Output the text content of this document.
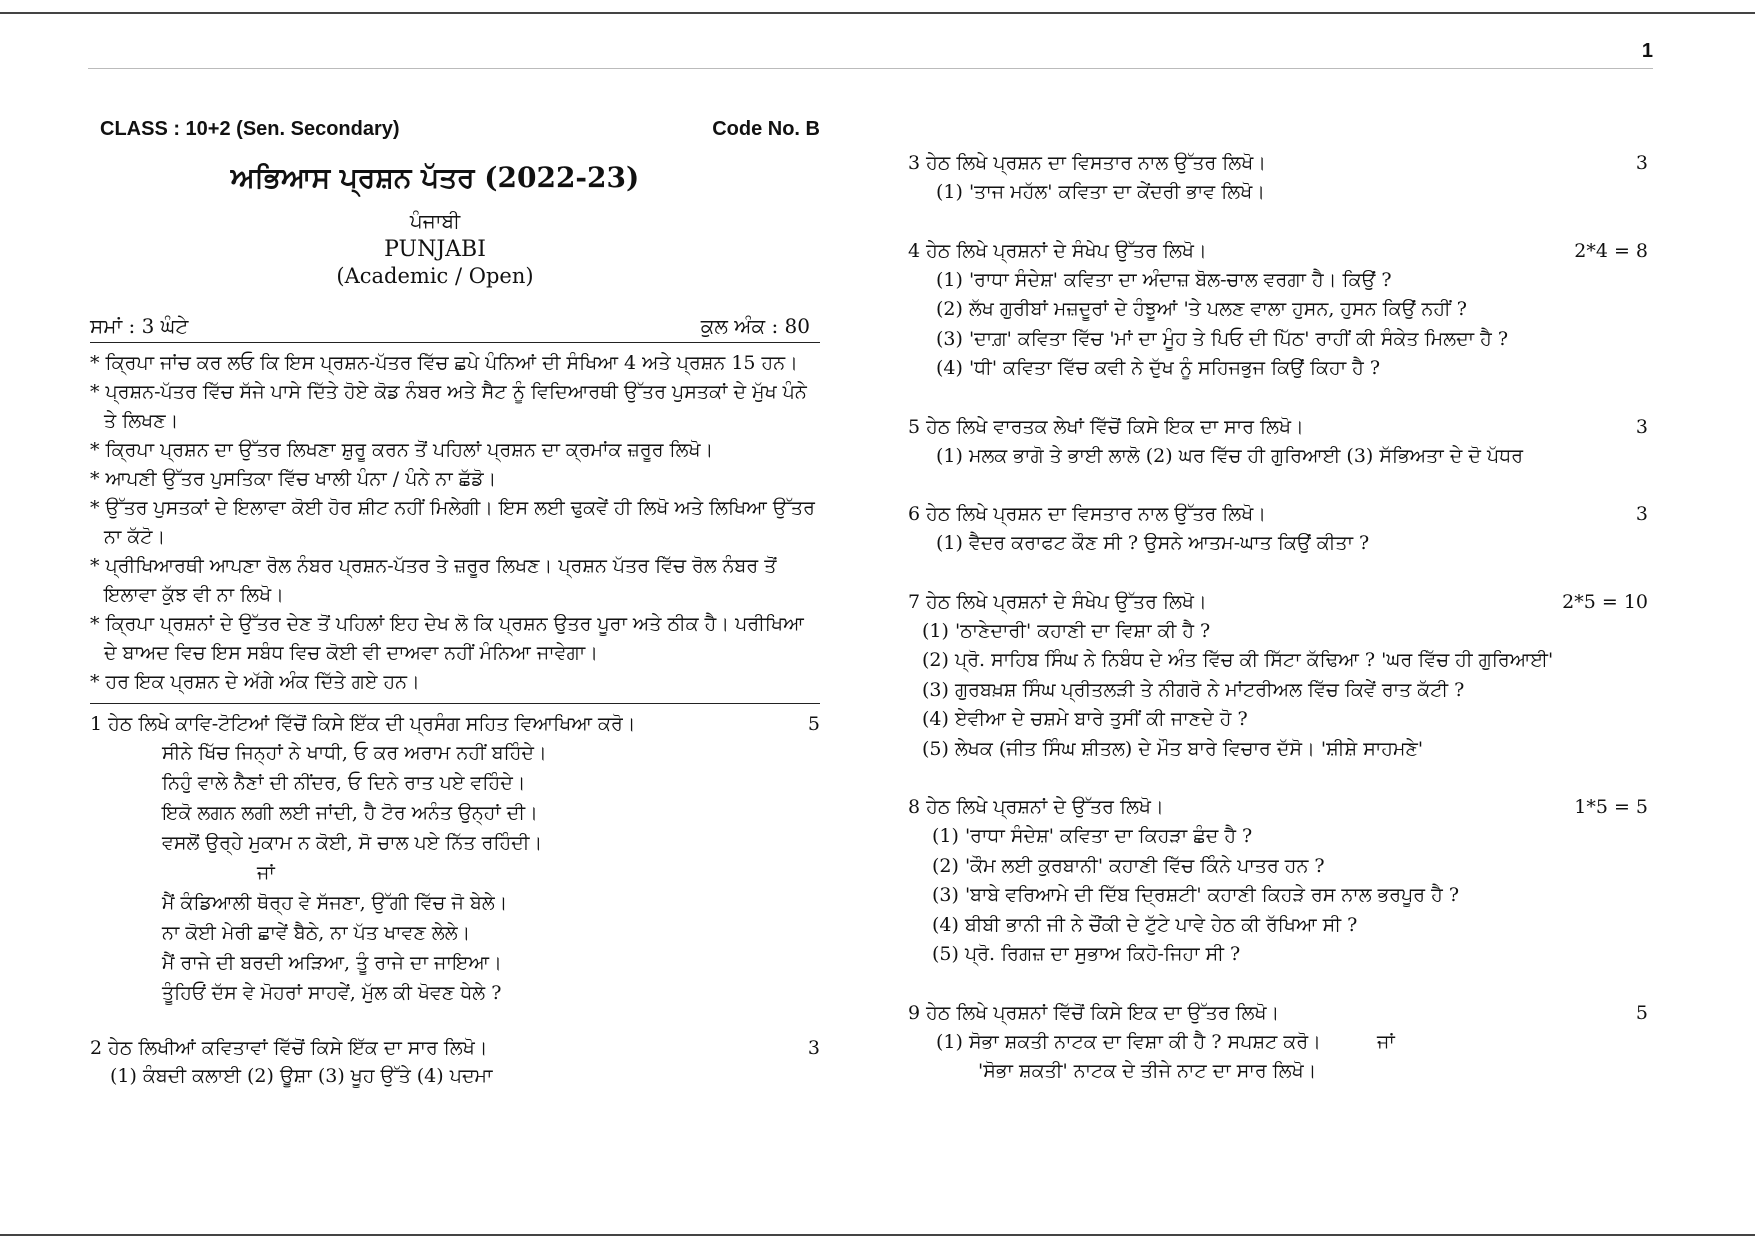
1
CLASS : 10+2 (Sen. Secondary)	Code No. B
ਅਭਿਆਸ ਪ੍ਰਸ਼ਨ ਪੱਤਰ (2022-23)
ਪੰਜਾਬੀ
PUNJABI
(Academic / Open)
ਸਮਾਂ : 3 ਘੰਟੇ	ਕੁਲ ਅੰਕ : 80

* ਕ੍ਰਿਪਾ ਜਾਂਚ ਕਰ ਲਓ ਕਿ ਇਸ ਪ੍ਰਸ਼ਨ-ਪੱਤਰ ਵਿੱਚ ਛਪੇ ਪੰਨਿਆਂ ਦੀ ਸੰਖਿਆ 4 ਅਤੇ ਪ੍ਰਸ਼ਨ 15 ਹਨ।

* ਪ੍ਰਸ਼ਨ-ਪੱਤਰ ਵਿੱਚ ਸੱਜੇ ਪਾਸੇ ਦਿੱਤੇ ਹੋਏ ਕੋਡ ਨੰਬਰ ਅਤੇ ਸੈਟ ਨੂੰ ਵਿਦਿਆਰਥੀ ਉੱਤਰ ਪੁਸਤਕਾਂ ਦੇ ਮੁੱਖ ਪੰਨੇ ਤੇ ਲਿਖਣ।

* ਕ੍ਰਿਪਾ ਪ੍ਰਸ਼ਨ ਦਾ ਉੱਤਰ ਲਿਖਣਾ ਸ਼ੁਰੂ ਕਰਨ ਤੋਂ ਪਹਿਲਾਂ ਪ੍ਰਸ਼ਨ ਦਾ ਕ੍ਰਮਾਂਕ ਜ਼ਰੂਰ ਲਿਖੋ।

* ਆਪਣੀ ਉੱਤਰ ਪੁਸਤਿਕਾ ਵਿੱਚ ਖਾਲੀ ਪੰਨਾ / ਪੰਨੇ ਨਾ ਛੱਡੋ।

* ਉੱਤਰ ਪੁਸਤਕਾਂ ਦੇ ਇਲਾਵਾ ਕੋਈ ਹੋਰ ਸ਼ੀਟ ਨਹੀਂ ਮਿਲੇਗੀ। ਇਸ ਲਈ ਢੁਕਵੇਂ ਹੀ ਲਿਖੋ ਅਤੇ ਲਿਖਿਆ ਉੱਤਰ ਨਾ ਕੱਟੋ।

* ਪ੍ਰੀਖਿਆਰਥੀ ਆਪਣਾ ਰੋਲ ਨੰਬਰ ਪ੍ਰਸ਼ਨ-ਪੱਤਰ ਤੇ ਜ਼ਰੂਰ ਲਿਖਣ। ਪ੍ਰਸ਼ਨ ਪੱਤਰ ਵਿੱਚ ਰੋਲ ਨੰਬਰ ਤੋਂ ਇਲਾਵਾ ਕੁੱਝ ਵੀ ਨਾ ਲਿਖੋ।

* ਕ੍ਰਿਪਾ ਪ੍ਰਸ਼ਨਾਂ ਦੇ ਉੱਤਰ ਦੇਣ ਤੋਂ ਪਹਿਲਾਂ ਇਹ ਦੇਖ ਲੋ ਕਿ ਪ੍ਰਸ਼ਨ ਉਤਰ ਪੂਰਾ ਅਤੇ ਠੀਕ ਹੈ। ਪਰੀਖਿਆ ਦੇ ਬਾਅਦ ਵਿਚ ਇਸ ਸਬੰਧ ਵਿਚ ਕੋਈ ਵੀ ਦਾਅਵਾ ਨਹੀਂ ਮੰਨਿਆ ਜਾਵੇਗਾ।

* ਹਰ ਇਕ ਪ੍ਰਸ਼ਨ ਦੇ ਅੱਗੇ ਅੰਕ ਦਿੱਤੇ ਗਏ ਹਨ।

1 ਹੇਠ ਲਿਖੇ ਕਾਵਿ-ਟੋਟਿਆਂ ਵਿੱਚੋਂ ਕਿਸੇ ਇੱਕ ਦੀ ਪ੍ਰਸੰਗ ਸਹਿਤ ਵਿਆਖਿਆ ਕਰੋ।	5
ਸੀਨੇ ਖਿੱਚ ਜਿਨ੍ਹਾਂ ਨੇ ਖਾਧੀ, ਓ ਕਰ ਅਰਾਮ ਨਹੀਂ ਬਹਿੰਦੇ।
ਨਿਹੁੰ ਵਾਲੇ ਨੈਣਾਂ ਦੀ ਨੀਂਦਰ, ਓ ਦਿਨੇ ਰਾਤ ਪਏ ਵਹਿੰਦੇ।
ਇਕੋ ਲਗਨ ਲਗੀ ਲਈ ਜਾਂਦੀ, ਹੈ ਟੋਰ ਅਨੰਤ ਉਨ੍ਹਾਂ ਦੀ।
ਵਸਲੋਂ ਉਰ੍ਹੇ ਮੁਕਾਮ ਨ ਕੋਈ, ਸੋ ਚਾਲ ਪਏ ਨਿੱਤ ਰਹਿੰਦੀ।
ਜਾਂ
ਮੈਂ ਕੰਡਿਆਲੀ ਥੋਰ੍ਹ ਵੇ ਸੱਜਣਾ, ਉੱਗੀ ਵਿੱਚ ਜੋ ਬੇਲੇ।
ਨਾ ਕੋਈ ਮੇਰੀ ਛਾਵੇਂ ਬੈਠੇ, ਨਾ ਪੱਤ ਖਾਵਣ ਲੇਲੇ।
ਮੈਂ ਰਾਜੇ ਦੀ ਬਰਦੀ ਅੜਿਆ, ਤੂੰ ਰਾਜੇ ਦਾ ਜਾਇਆ।
ਤੂੰਹਿਓਂ ਦੱਸ ਵੇ ਮੋਹਰਾਂ ਸਾਹਵੇਂ, ਮੁੱਲ ਕੀ ਖੋਵਣ ਧੇਲੇ ?
2 ਹੇਠ ਲਿਖੀਆਂ ਕਵਿਤਾਵਾਂ ਵਿੱਚੋਂ ਕਿਸੇ ਇੱਕ ਦਾ ਸਾਰ ਲਿਖੋ।	3
(1) ਕੰਬਦੀ ਕਲਾਈ (2) ਊਸ਼ਾ (3) ਖੂਹ ਉੱਤੇ (4) ਪਦਮਾ
3 ਹੇਠ ਲਿਖੇ ਪ੍ਰਸ਼ਨ ਦਾ ਵਿਸਤਾਰ ਨਾਲ ਉੱਤਰ ਲਿਖੋ।	3
(1) 'ਤਾਜ ਮਹੱਲ' ਕਵਿਤਾ ਦਾ ਕੇਂਦਰੀ ਭਾਵ ਲਿਖੋ।
4 ਹੇਠ ਲਿਖੇ ਪ੍ਰਸ਼ਨਾਂ ਦੇ ਸੰਖੇਪ ਉੱਤਰ ਲਿਖੋ।	2*4 = 8
(1) 'ਰਾਧਾ ਸੰਦੇਸ਼' ਕਵਿਤਾ ਦਾ ਅੰਦਾਜ਼ ਬੋਲ-ਚਾਲ ਵਰਗਾ ਹੈ। ਕਿਉਂ ?
(2) ਲੱਖ ਗੁਰੀਬਾਂ ਮਜ਼ਦੂਰਾਂ ਦੇ ਹੰਝੂਆਂ 'ਤੇ ਪਲਣ ਵਾਲਾ ਹੁਸਨ, ਹੁਸਨ ਕਿਉਂ ਨਹੀਂ ?
(3) 'ਦਾਗ਼' ਕਵਿਤਾ ਵਿੱਚ 'ਮਾਂ ਦਾ ਮੂੰਹ ਤੇ ਪਿਓ ਦੀ ਪਿੱਠ' ਰਾਹੀਂ ਕੀ ਸੰਕੇਤ ਮਿਲਦਾ ਹੈ ?
(4) 'ਧੀ' ਕਵਿਤਾ ਵਿੱਚ ਕਵੀ ਨੇ ਦੁੱਖ ਨੂੰ ਸਹਿਜਭੁਜ ਕਿਉਂ ਕਿਹਾ ਹੈ ?
5 ਹੇਠ ਲਿਖੇ ਵਾਰਤਕ ਲੇਖਾਂ ਵਿੱਚੋਂ ਕਿਸੇ ਇਕ ਦਾ ਸਾਰ ਲਿਖੋ।	3
(1) ਮਲਕ ਭਾਗੋ ਤੇ ਭਾਈ ਲਾਲੋ (2) ਘਰ ਵਿੱਚ ਹੀ ਗੁਰਿਆਈ (3) ਸੱਭਿਅਤਾ ਦੇ ਦੋ ਪੱਧਰ
6 ਹੇਠ ਲਿਖੇ ਪ੍ਰਸ਼ਨ ਦਾ ਵਿਸਤਾਰ ਨਾਲ ਉੱਤਰ ਲਿਖੋ।	3
(1) ਵੈਦਰ ਕਰਾਫਟ ਕੌਣ ਸੀ ? ਉਸਨੇ ਆਤਮ-ਘਾਤ ਕਿਉਂ ਕੀਤਾ ?
7 ਹੇਠ ਲਿਖੇ ਪ੍ਰਸ਼ਨਾਂ ਦੇ ਸੰਖੇਪ ਉੱਤਰ ਲਿਖੋ।	2*5 = 10
(1) 'ਠਾਣੇਦਾਰੀ' ਕਹਾਣੀ ਦਾ ਵਿਸ਼ਾ ਕੀ ਹੈ ?
(2) ਪ੍ਰੋ. ਸਾਹਿਬ ਸਿੰਘ ਨੇ ਨਿਬੰਧ ਦੇ ਅੰਤ ਵਿੱਚ ਕੀ ਸਿੱਟਾ ਕੱਢਿਆ ? 'ਘਰ ਵਿੱਚ ਹੀ ਗੁਰਿਆਈ'
(3) ਗੁਰਬਖ਼ਸ਼ ਸਿੰਘ ਪ੍ਰੀਤਲੜੀ ਤੇ ਨੀਗਰੋ ਨੇ ਮਾਂਟਰੀਅਲ ਵਿੱਚ ਕਿਵੇਂ ਰਾਤ ਕੱਟੀ ?
(4) ਏਵੀਆ ਦੇ ਚਸ਼ਮੇ ਬਾਰੇ ਤੁਸੀਂ ਕੀ ਜਾਣਦੇ ਹੋ ?
(5) ਲੇਖਕ (ਜੀਤ ਸਿੰਘ ਸ਼ੀਤਲ) ਦੇ ਮੌਤ ਬਾਰੇ ਵਿਚਾਰ ਦੱਸੋ। 'ਸ਼ੀਸ਼ੇ ਸਾਹਮਣੇ'
8 ਹੇਠ ਲਿਖੇ ਪ੍ਰਸ਼ਨਾਂ ਦੇ ਉੱਤਰ ਲਿਖੋ।	1*5 = 5
(1) 'ਰਾਧਾ ਸੰਦੇਸ਼' ਕਵਿਤਾ ਦਾ ਕਿਹੜਾ ਛੰਦ ਹੈ ?
(2) 'ਕੌਮ ਲਈ ਕੁਰਬਾਨੀ' ਕਹਾਣੀ ਵਿੱਚ ਕਿੰਨੇ ਪਾਤਰ ਹਨ ?
(3) 'ਬਾਬੇ ਵਰਿਆਮੇ ਦੀ ਦਿੱਬ ਦ੍ਰਿਸ਼ਟੀ' ਕਹਾਣੀ ਕਿਹੜੇ ਰਸ ਨਾਲ ਭਰਪੂਰ ਹੈ ?
(4) ਬੀਬੀ ਭਾਨੀ ਜੀ ਨੇ ਚੌਂਕੀ ਦੇ ਟੁੱਟੇ ਪਾਵੇ ਹੇਠ ਕੀ ਰੱਖਿਆ ਸੀ ?
(5) ਪ੍ਰੋ. ਰਿਗਜ਼ ਦਾ ਸੁਭਾਅ ਕਿਹੋ-ਜਿਹਾ ਸੀ ?
9 ਹੇਠ ਲਿਖੇ ਪ੍ਰਸ਼ਨਾਂ ਵਿੱਚੋਂ ਕਿਸੇ ਇਕ ਦਾ ਉੱਤਰ ਲਿਖੋ।	5
(1) ਸੋਭਾ ਸ਼ਕਤੀ ਨਾਟਕ ਦਾ ਵਿਸ਼ਾ ਕੀ ਹੈ ? ਸਪਸ਼ਟ ਕਰੋ।	ਜਾਂ
'ਸੋਭਾ ਸ਼ਕਤੀ' ਨਾਟਕ ਦੇ ਤੀਜੇ ਨਾਟ ਦਾ ਸਾਰ ਲਿਖੋ।
